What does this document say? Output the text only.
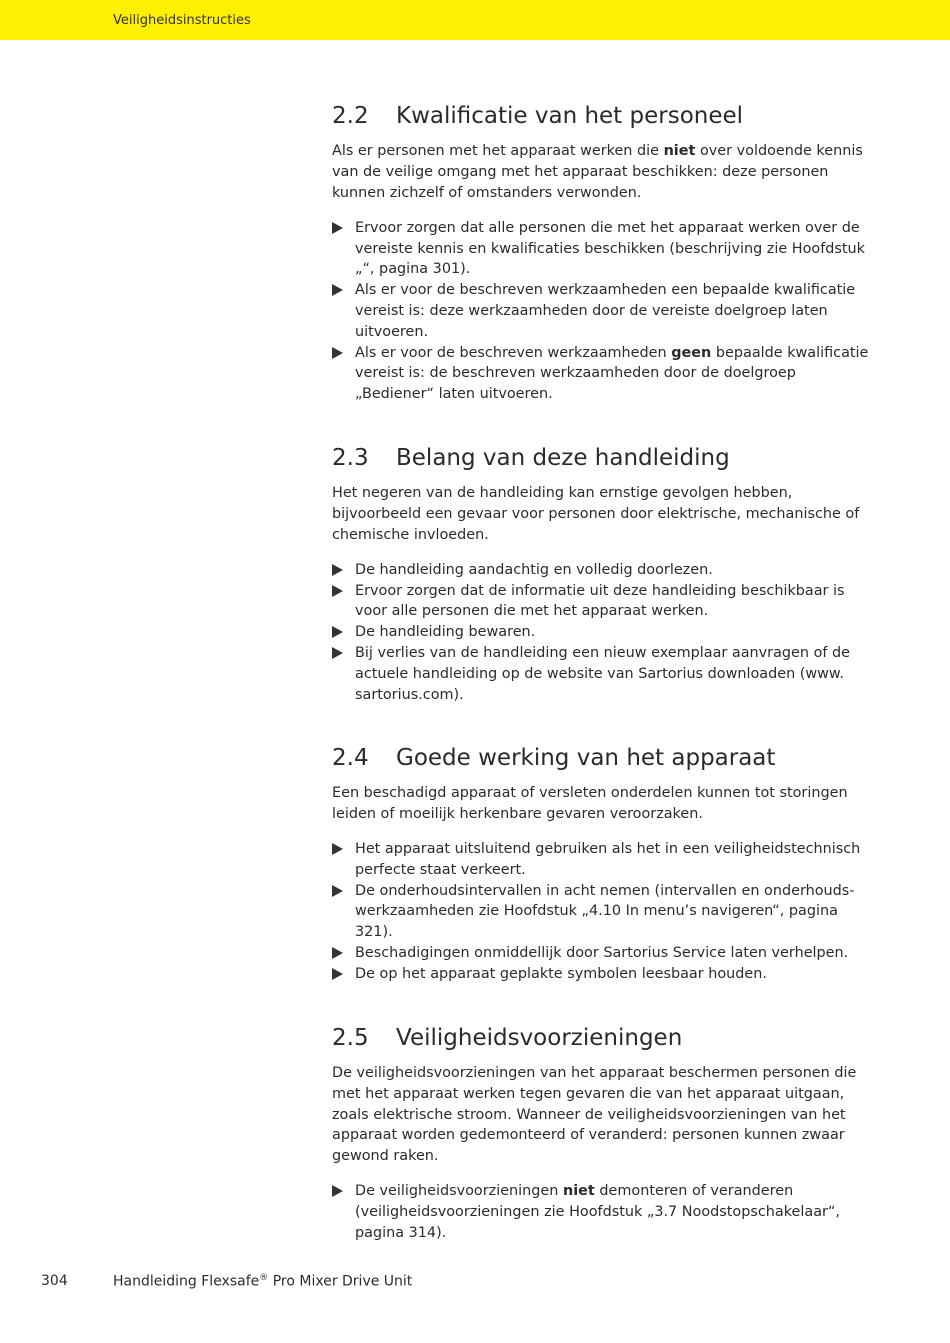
Veiligheidsinstructies
2.2 Kwalificatie van het personeel

Als er personen met het apparaat werken die niet over voldoende kennis van de veilige omgang met het apparaat beschikken: deze personen kunnen zichzelf of omstanders verwonden.

Ervoor zorgen dat alle personen die met het apparaat werken over de vereiste kennis en kwalificaties beschikken (beschrijving zie Hoofdstuk „“, pagina 301).
Als er voor de beschreven werkzaamheden een bepaalde kwalificatie vereist is: deze werkzaamheden door de vereiste doelgroep laten uitvoeren.
Als er voor de beschreven werkzaamheden geen bepaalde kwalificatie vereist is: de beschreven werkzaamheden door de doelgroep „Bediener“ laten uitvoeren.
2.3 Belang van deze handleiding

Het negeren van de handleiding kan ernstige gevolgen hebben, bijvoorbeeld een gevaar voor personen door elektrische, mechanische of chemische invloeden.

De handleiding aandachtig en volledig doorlezen.
Ervoor zorgen dat de informatie uit deze handleiding beschikbaar is voor alle personen die met het apparaat werken.
De handleiding bewaren.
Bij verlies van de handleiding een nieuw exemplaar aanvragen of de actuele handleiding op de website van Sartorius downloaden (www. sartorius.com).
2.4 Goede werking van het apparaat

Een beschadigd apparaat of versleten onderdelen kunnen tot storingen leiden of moeilijk herkenbare gevaren veroorzaken.

Het apparaat uitsluitend gebruiken als het in een veiligheidstechnisch perfecte staat verkeert.
De onderhoudsintervallen in acht nemen (intervallen en onderhouds-werkzaamheden zie Hoofdstuk „4.10 In menu’s navigeren“, pagina 321).
Beschadigingen onmiddellijk door Sartorius Service laten verhelpen.
De op het apparaat geplakte symbolen leesbaar houden.
2.5 Veiligheidsvoorzieningen

De veiligheidsvoorzieningen van het apparaat beschermen personen die met het apparaat werken tegen gevaren die van het apparaat uitgaan, zoals elektrische stroom. Wanneer de veiligheidsvoorzieningen van het apparaat worden gedemonteerd of veranderd: personen kunnen zwaar gewond raken.

De veiligheidsvoorzieningen niet demonteren of veranderen (veiligheidsvoorzieningen zie Hoofdstuk „3.7 Noodstopschakelaar“, pagina 314).
304	Handleiding Flexsafe® Pro Mixer Drive Unit
